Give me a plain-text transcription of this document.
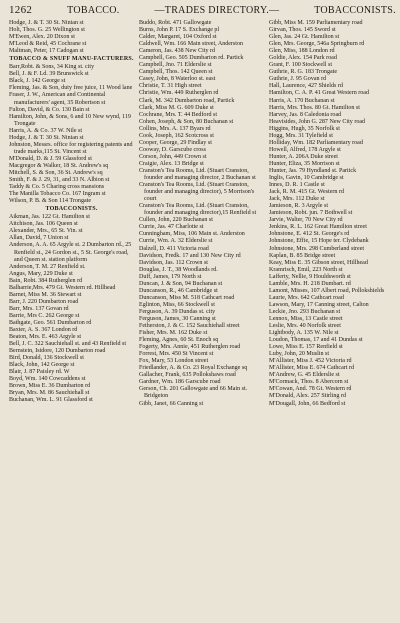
1262	TOBACCO.	—TRADES DIRECTORY.—	TOBACCONISTS.

Hodge, J. & T. 30 St. Ninian st

Holt, Thos. G. 25 Wellington st

M'Ewen, Alex. 20 Dixon st

M'Leod & Reid, 45 Cochrane st

Maltman, Peter, 17 Cadogan st

TOBACCO & SNUFF MANU-FACTURERS.

Barr,Robt. & Sons, 34 King st. city

Bell, J. & F. Ld. 39 Brunswick st

Black, J. 142 George st

Fleming, Jas. & Son, duty free juice, 11 Wood lane

Fraser, J. W., American and Continental manufacturers' agent, 35 Robertson st

Fulton, David, & Co. 130 Bain st

Hamilton, John, & Sons, 6 and 10 New wynd, 119 Trongate

Harris, A. & Co. 37 W. Nile st

Hodge, J. & T. 30 St. Ninian st

Johnston, Messrs. office for registering patents and trade marks,115 St. Vincent st

M'Donald, D. & J. 59 Glassford st

Macgregor & Walker, 18 St. Andrew's sq

Mitchell, S. & Son, 36 St. Andrew's sq

Smith, F. & J. 29, 31, and 33 N. Albion st

Taddy & Co. 5 Charing cross mansions

The Manilla Tobacco Co. 167 Ingram st

Wilson, P. B. & Son 114 Trongate

TOBACCONISTS.

Aikman, Jas. 122 Gt. Hamilton st

Aitchison, Jas. 106 Queen st

Alexander, Mrs., 65 St. Vin. st

Allan, David, 7 Union st

Anderson, A. A. 65 Argyle st. 2 Dumbarton rd., 25 Renfield st., 24 Gordon st., 5 St. George's road, and Queen st. station platform

Anderson, T. M. 27 Renfield st.

Angus, Mary, 229 Duke st

Bain, Robt. 384 Rutherglen rd

Balharrie,Mrs. 479 Gt. Western rd. Hillhead

Barnet, Miss M. 36 Stewart st

Barr, J. 220 Dumbarton road

Barr, Mrs. 137 Govan rd

Barrie, Mrs C. 262 George st

Bathgate, Geo. 561 Dumbarton rd

Baxter, A. S. 367 London rd

Beaton, Mrs. E. 463 Argyle st

Bell, J. C. 322 Sauchiehall st. and 43 Renfield st

Bernstein, Isidore, 120 Dumbarton road

Bird, Donald, 136 Stockwell st

Black, John, 142 George st

Blair, J. 87 Paisley rd. W

Boyd, Wm. 140 Cowcaddens st

Brown, Miss E. 36 Dumbarton rd

Bryan, Mrs. M. 86 Sauchiehall st

Buchanan, Wm. L. 91 Glassford st

Buddo, Robt. 471 Gallowgate

Burns, John P. 17 S. Exchange pl

Calder, Margaret, 104 Oxford st

Caldwell, Wm. 166 Main street, Anderston

Cameron, Jas. 438 New City rd

Campbell, Geo. 505 Dumbarton rd. Partick

Campbell, Jno. 71 Elderslie st

Campbell, Thos. 142 Queen st

Casey, John, 8 Waterloo st. east

Christie, T. 31 High street

Christie, Wm. 449 Rutherglen rd

Clark, M. 342 Dumbarton road, Partick

Clark, Miss M. G. 609 Duke st

Cochrane, Mrs. T. 44 Bedford st

Cohen, Joseph, & Son, 80 Buchanan st

Collins, Mrs. A. 137 Byars rd

Cook, Joseph, 162 Scotcross st

Cooper, George, 29 Findlay st

Cooway, D. Garscube cross

Corson, John, 449 Crown st

Craigie, Alex. 13 Bridge st

Cranston's Tea Rooms, Ltd. (Stuart Cranston, founder and managing director, 2 Buchanan st

Cranston's Tea Rooms, Ltd. (Stuart Cranston, founder and managing director), 5 Morrison's court

Cranston's Tea Rooms, Ltd. (Stuart Cranston, founder and managing director),15 Renfield st

Cullen, John, 220 Buchanan st

Currie, Jas. 47 Charlotte st

Cunningham, Miss, 106 Main st. Anderston

Currie, Wm. A. 32 Elderslie st

Dalzell, D. 411 Victoria road

Davidson, Fredk. 17 and 130 New City rd

Davidson, Jas. 112 Crown st

Douglas, J. T., 38 Woodlands rd.

Duff, James, 179 North st

Duncan, J. & Son, 94 Buchanan st

Duncanson, R., 46 Cambridge st

Duncanson, Miss M. 518 Cathcart road

Eglinton, Miss, 66 Stockwell st

Ferguson, A. 39 Dundas st. city

Ferguson, James, 30 Canning st

Fetherston, J. & C. 152 Sauchiehall street

Fisher, Mrs. M. 162 Duke st

Fleming, Agnes, 60 St. Enoch sq

Fogerty, Mrs. Annie, 451 Rutherglen road

Forrest, Mrs. 450 St Vincent st

Fox, Mary, 53 London street

Friedlander, A. & Co. 23 Royal Exchange sq

Gallacher, Frank, 635 Pollokshaws road

Gardner, Wm. 186 Garscube road

Gerson, Ch. 201 Gallowgate and 66 Main st. Bridgeton

Gibb, Janet, 66 Canning st

Gibb, Miss M. 159 Parliamentary road

Girvan, Thos. 145 Sword st

Glen, Jas. 24 Gt. Hamilton st

Glen, Mrs. George, 546a Springburn rd

Glen, Miss, 188 London rd

Goldie, Alex. 154 Park road

Grant, F. 100 Stockwell st

Guthrie, R. G. 183 Trongate

Guthrie, J. 95 Govan rd

Hall, Laurence, 427 Shields rd

Hamilton, C. A. P. 41 Great Western road

Harris, A. 170 Buchanan st

Harris, Mrs. Thos. 80 Gt. Hamilton st

Harvey, Jas. 8 Caledonia road

Heavisides, John G. 287 New City road

Higgins, Hugh, 35 Norfolk st

Hogg, Mrs. 31 Tylefield st

Holliday, Wm. 182 Parliamentary road

Howell, Alfred, 178 Argyle st

Hunter, A. 206A Duke street

Hunter, Eliza, 35 Morrison st

Hunter, Jas. 79 Hyndland st. Partick

Inglis, Gavin, 10 Cambridge st

Innes, D. R. 1 Castle st

Jack, R. M. 415 Gt. Western rd

Jack, Mrs. 112 Duke st

Jamieson, R. 3 Argyle st

Jamieson, Robt. jun. 7 Bothwell st

Jarvie, Walter, 70 New City rd

Jenkins, R. L. 162 Great Hamilton street

Johnstone, E. 412 St. George's rd

Johnstone, Effie, 15 Hope ter. Clydebank

Johnstone, Mrs. 298 Cumberland street

Kaplan, B. 85 Bridge street

Keay, Miss E. 35 Gibson street, Hillhead

Kramrisch, Emil, 223 North st

Lafferty, Nellie, 9 Houldsworth st

Lamble, Mrs. H. 218 Dumbart. rd

Lamont, Misses, 107 Albert road, Pollokshields

Laurie, Mrs. 642 Cathcart road

Lawson, Mary, 17 Canning street, Calton

Leckie, Jno. 293 Buchanan st

Lennox, Miss, 13 Castle street

Leslie, Mrs. 40 Norfolk street

Lightbody, A. 135 W. Nile st

Loudon, Thomas, 17 and 41 Dundas st

Lowe, Miss E. 157 Renfield st

Luby, John, 20 Muslin st

M'Allister, Miss J. 452 Victoria rd

M'Allister, Miss E. 674 Cathcart rd

M'Andrew, G. 45 Elderslie st

M'Cormack, Thos. 8 Abercorn st

M'Cowan, And. 78 Gt. Western rd

M'Donald, Alex. 257 Stirling rd

M'Dougall, John, 66 Bedford st
